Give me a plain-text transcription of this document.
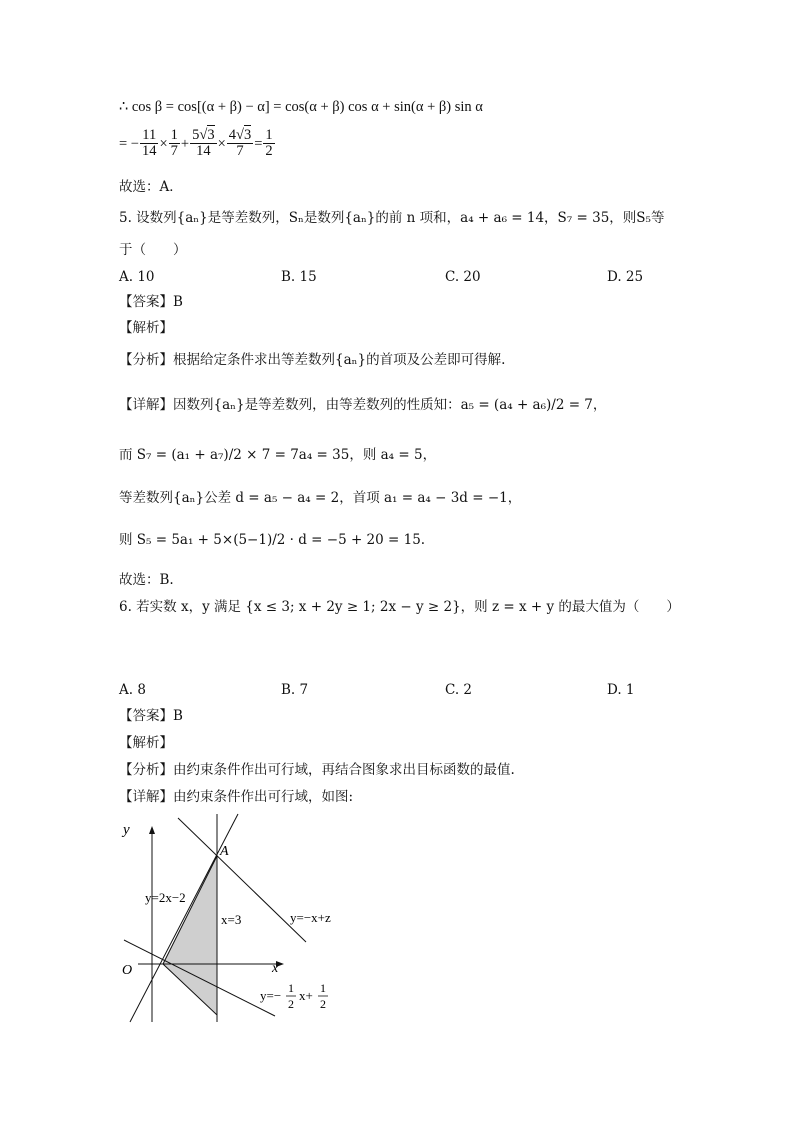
∴ cos β = cos[(α + β) − α] = cos(α + β) cos α + sin(α + β) sin α
= − $\frac{11}{14} \times \frac{1}{7} + \frac{5√3}{14} \times \frac{4√3}{7} = \frac{1}{2}$
故选：A．
5. 设数列{aₙ}是等差数列，Sₙ是数列{aₙ}的前 n 项和，a₄ + a₆ = 14，S₇ = 35，则S₅等
于（　　）
A. 10	B. 15	C. 20	D. 25
【答案】B
【解析】
【分析】根据给定条件求出等差数列{aₙ}的首项及公差即可得解.
【详解】因数列{aₙ}是等差数列，由等差数列的性质知：a₅ = (a₄ + a₆)/2 = 7，
而 S₇ = (a₁ + a₇)/2 × 7 = 7a₄ = 35，则 a₄ = 5，
等差数列{aₙ}公差 d = a₅ − a₄ = 2，首项 a₁ = a₄ − 3d = −1，
则 S₅ = 5a₁ + 5×(5−1)/2 · d = −5 + 20 = 15.
故选：B.
6. 若实数 x，y 满足 {x ≤ 3; x + 2y ≥ 1; 2x − y ≥ 2}，则 z = x + y 的最大值为（　　）
A. 8	B. 7	C. 2	D. 1
【答案】B
【解析】
【分析】由约束条件作出可行域，再结合图象求出目标函数的最值.
【详解】由约束条件作出可行域，如图:
y
x
O
A
y=2x−2
x=3	y=−x+z
y=− 1
2
x+ 1
2
